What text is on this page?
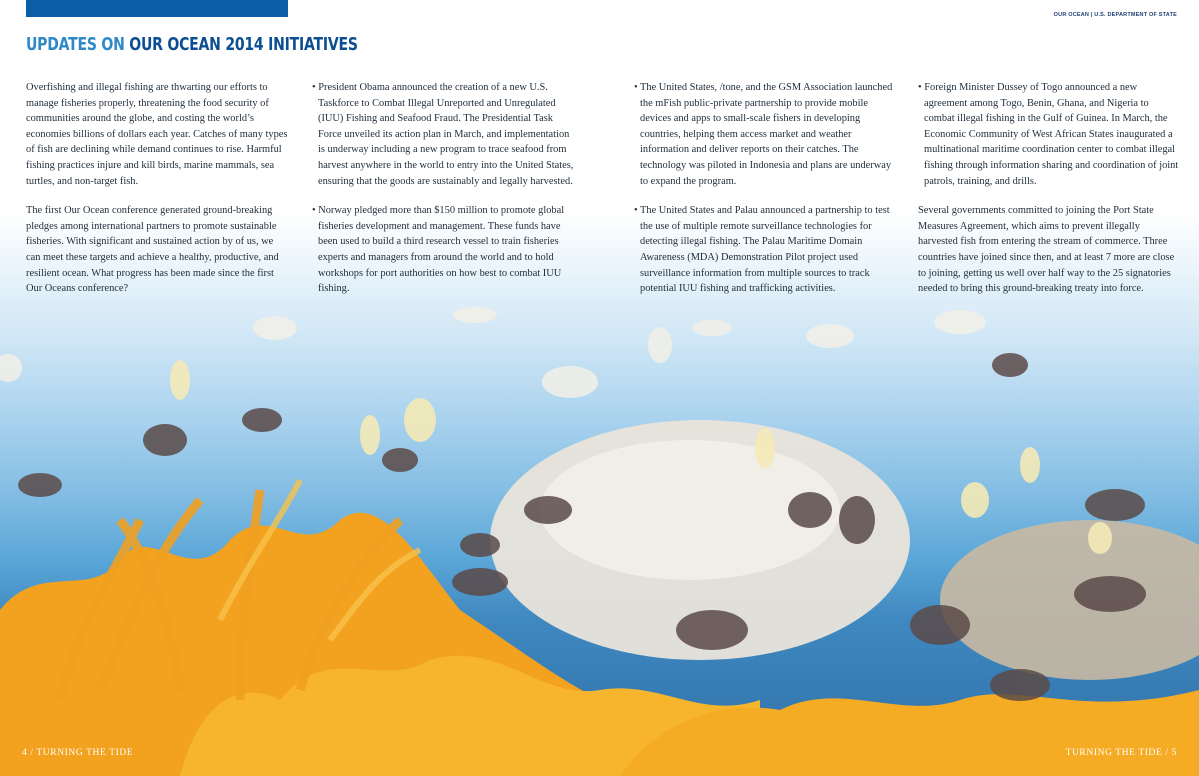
OUR OCEAN | U.S. DEPARTMENT OF STATE
UPDATES ON OUR OCEAN 2014 INITIATIVES

Overfishing and illegal fishing are thwarting our efforts to manage fisheries properly, threatening the food security of communities around the globe, and costing the world’s economies billions of dollars each year. Catches of many types of fish are declining while demand continues to rise. Harmful fishing practices injure and kill birds, marine mammals, sea turtles, and non-target fish.

The first Our Ocean conference generated ground-breaking pledges among international partners to promote sustainable fisheries. With significant and sustained action by of us, we can meet these targets and achieve a healthy, productive, and resilient ocean. What progress has been made since the first Our Oceans conference?

• President Obama announced the creation of a new U.S. Taskforce to Combat Illegal Unreported and Unregulated (IUU) Fishing and Seafood Fraud. The Presidential Task Force unveiled its action plan in March, and implementation is underway including a new program to trace seafood from harvest anywhere in the world to entry into the United States, ensuring that the goods are sustainably and legally harvested.

• Norway pledged more than $150 million to promote global fisheries development and management. These funds have been used to build a third research vessel to train fisheries experts and managers from around the world and to hold workshops for port authorities on how best to combat IUU fishing.

• The United States, /tone, and the GSM Association launched the mFish public-private partnership to provide mobile devices and apps to small-scale fishers in developing countries, helping them access market and weather information and deliver reports on their catches. The technology was piloted in Indonesia and plans are underway to expand the program.

• The United States and Palau announced a partnership to test the use of multiple remote surveillance technologies for detecting illegal fishing. The Palau Maritime Domain Awareness (MDA) Demonstration Pilot project used surveillance information from multiple sources to track potential IUU fishing and trafficking activities.

• Foreign Minister Dussey of Togo announced a new agreement among Togo, Benin, Ghana, and Nigeria to combat illegal fishing in the Gulf of Guinea. In March, the Economic Community of West African States inaugurated a multinational maritime coordination center to combat illegal fishing through information sharing and coordination of joint patrols, training, and drills.

Several governments committed to joining the Port State Measures Agreement, which aims to prevent illegally harvested fish from entering the stream of commerce. Three countries have joined since then, and at least 7 more are close to joining, getting us well over half way to the 25 signatories needed to bring this ground-breaking treaty into force.

4 / TURNING THE TIDE	TURNING THE TIDE / 5
